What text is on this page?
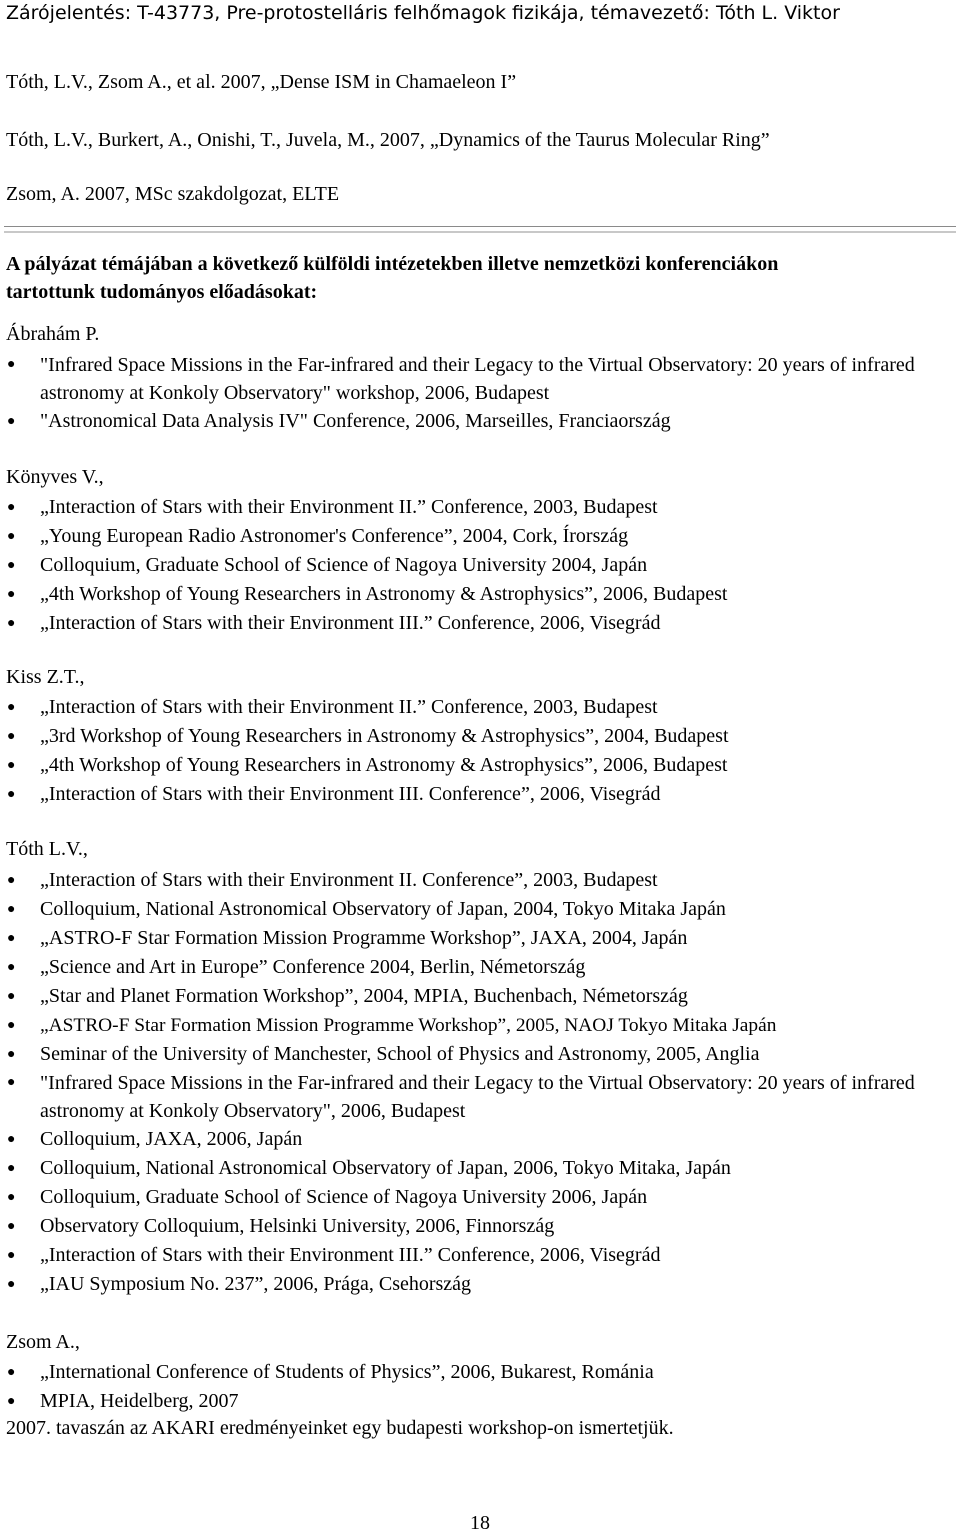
Zárójelentés: T-43773, Pre-protostelláris felhőmagok fizikája, témavezető: Tóth L. Viktor
Tóth, L.V., Zsom A., et al. 2007, „Dense ISM in Chamaeleon I”
Tóth, L.V., Burkert, A., Onishi, T., Juvela, M., 2007, „Dynamics of the Taurus Molecular Ring”
Zsom, A. 2007, MSc szakdolgozat, ELTE
A pályázat témájában a következő külföldi intézetekben illetve nemzetközi konferenciákon
tartottunk tudományos előadásokat:
Ábrahám P.
● "Infrared Space Missions in the Far-infrared and their Legacy to the Virtual Observatory: 20 years of infrared astronomy at Konkoly Observatory" workshop, 2006, Budapest
● "Astronomical Data Analysis IV" Conference, 2006, Marseilles, Franciaország
Könyves V.,
● „Interaction of Stars with their Environment II.” Conference, 2003, Budapest
● „Young European Radio Astronomer's Conference”, 2004, Cork, Írország
● Colloquium, Graduate School of Science of Nagoya University 2004, Japán
● „4th Workshop of Young Researchers in Astronomy & Astrophysics”, 2006, Budapest
● „Interaction of Stars with their Environment III.” Conference, 2006, Visegrád
Kiss Z.T.,
● „Interaction of Stars with their Environment II.” Conference, 2003, Budapest
● „3rd Workshop of Young Researchers in Astronomy & Astrophysics”, 2004, Budapest
● „4th Workshop of Young Researchers in Astronomy & Astrophysics”, 2006, Budapest
● „Interaction of Stars with their Environment III. Conference”, 2006, Visegrád
Tóth L.V.,
● „Interaction of Stars with their Environment II. Conference”, 2003, Budapest
● Colloquium, National Astronomical Observatory of Japan, 2004, Tokyo Mitaka Japán
● „ASTRO-F Star Formation Mission Programme Workshop”, JAXA, 2004, Japán
● „Science and Art in Europe” Conference 2004, Berlin, Németország
● „Star and Planet Formation Workshop”, 2004, MPIA, Buchenbach, Németország
● „ASTRO-F Star Formation Mission Programme Workshop”, 2005, NAOJ Tokyo Mitaka Japán
● Seminar of the University of Manchester, School of Physics and Astronomy, 2005, Anglia
● "Infrared Space Missions in the Far-infrared and their Legacy to the Virtual Observatory: 20 years of infrared astronomy at Konkoly Observatory", 2006, Budapest
● Colloquium, JAXA, 2006, Japán
● Colloquium, National Astronomical Observatory of Japan, 2006, Tokyo Mitaka, Japán
● Colloquium, Graduate School of Science of Nagoya University 2006, Japán
● Observatory Colloquium, Helsinki University, 2006, Finnország
● „Interaction of Stars with their Environment III.” Conference, 2006, Visegrád
● „IAU Symposium No. 237”, 2006, Prága, Csehország
Zsom A.,
● „International Conference of Students of Physics”, 2006, Bukarest, Románia
● MPIA, Heidelberg, 2007
2007. tavaszán az AKARI eredményeinket egy budapesti workshop-on ismertetjük.
18
